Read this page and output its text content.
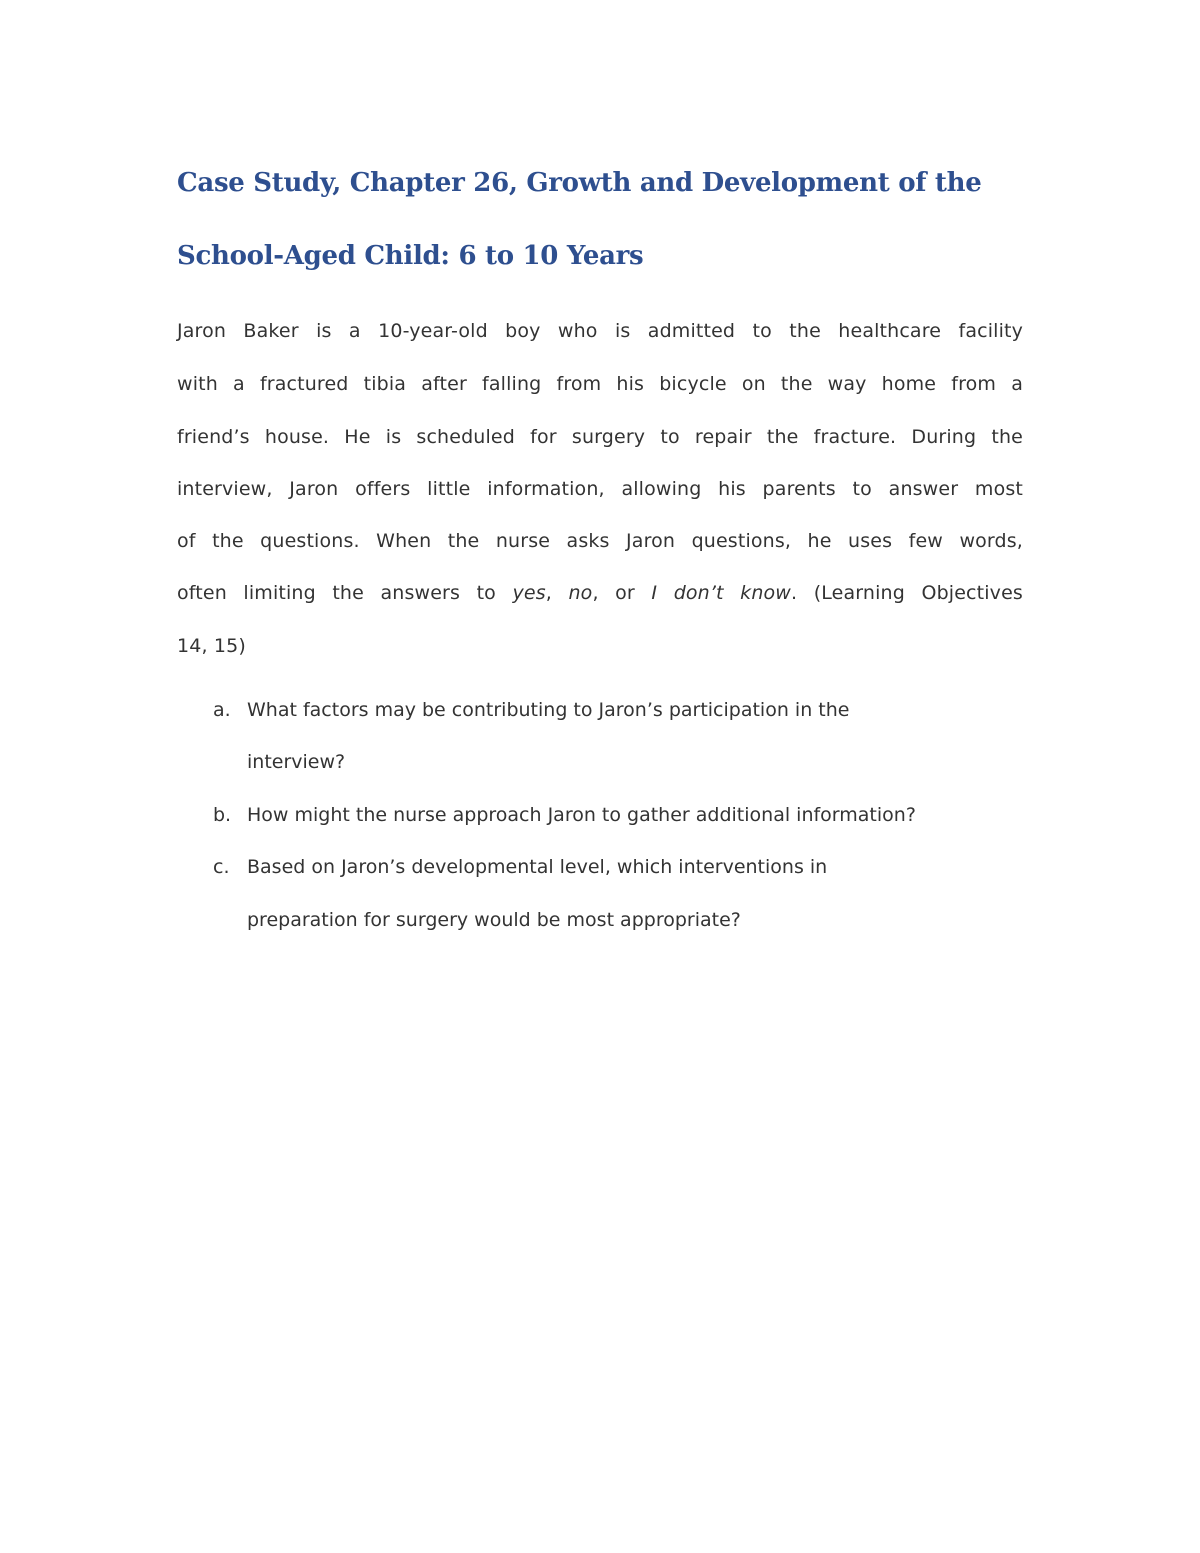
Case Study, Chapter 26, Growth and Development of the
School-Aged Child: 6 to 10 Years
Jaron Baker is a 10-year-old boy who is admitted to the healthcare facility
with a fractured tibia after falling from his bicycle on the way home from a
friend’s house. He is scheduled for surgery to repair the fracture. During the
interview, Jaron offers little information, allowing his parents to answer most
of the questions. When the nurse asks Jaron questions, he uses few words,
often limiting the answers to yes, no, or I don’t know. (Learning Objectives
14, 15)
a. What factors may be contributing to Jaron’s participation in the
interview?
b. How might the nurse approach Jaron to gather additional information?
c. Based on Jaron’s developmental level, which interventions in
preparation for surgery would be most appropriate?
